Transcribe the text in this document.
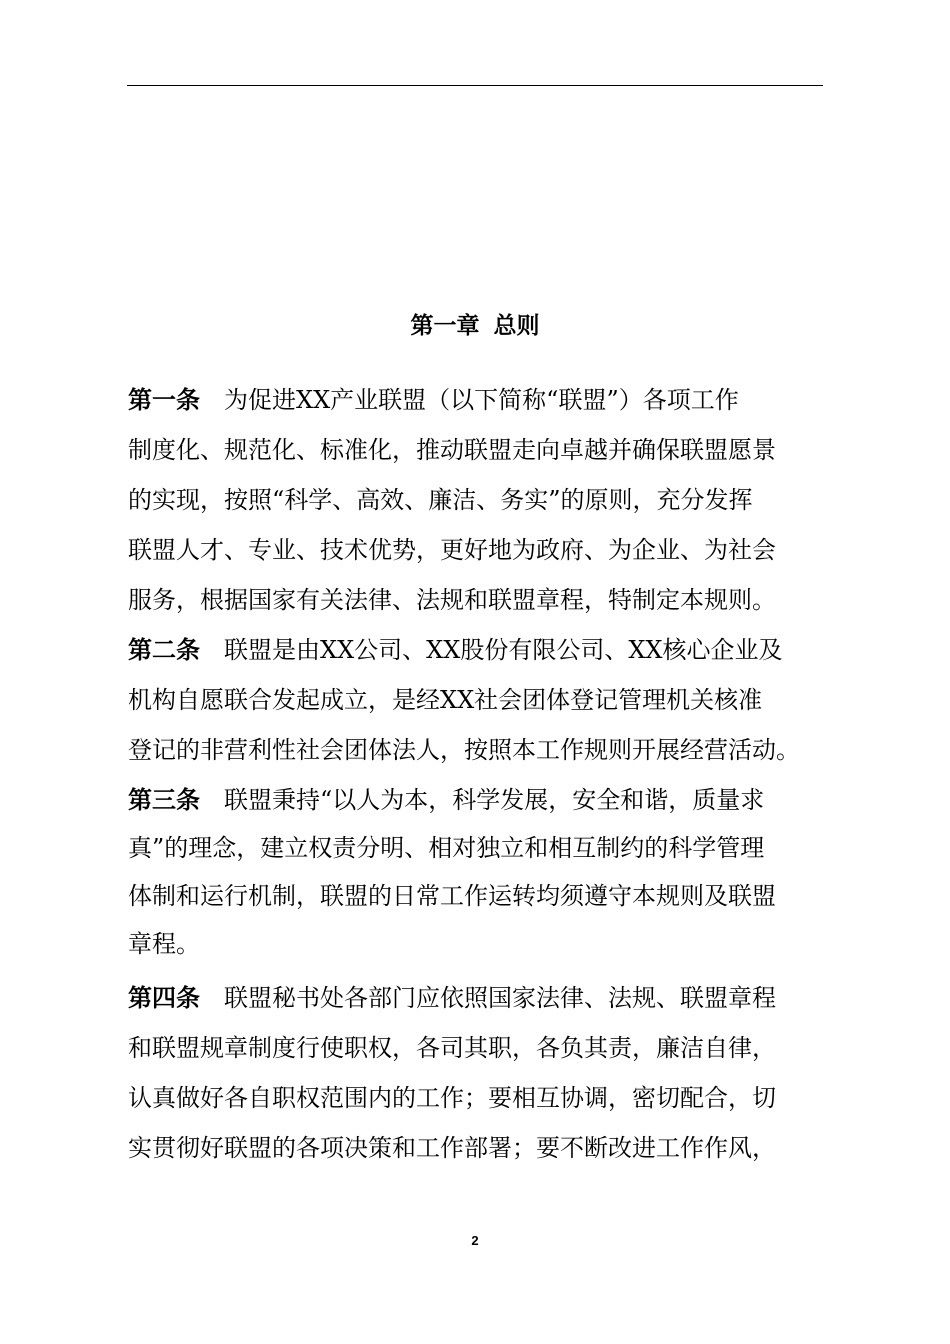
第一章 总则
第一条 为促进XX产业联盟（以下简称“联盟”）各项工作
制度化、规范化、标准化，推动联盟走向卓越并确保联盟愿景
的实现，按照“科学、高效、廉洁、务实”的原则，充分发挥
联盟人才、专业、技术优势，更好地为政府、为企业、为社会
服务，根据国家有关法律、法规和联盟章程，特制定本规则。
第二条 联盟是由XX公司、XX股份有限公司、XX核心企业及
机构自愿联合发起成立，是经XX社会团体登记管理机关核准
登记的非营利性社会团体法人，按照本工作规则开展经营活动。
第三条 联盟秉持“以人为本，科学发展，安全和谐，质量求
真”的理念，建立权责分明、相对独立和相互制约的科学管理
体制和运行机制，联盟的日常工作运转均须遵守本规则及联盟
章程。
第四条 联盟秘书处各部门应依照国家法律、法规、联盟章程
和联盟规章制度行使职权，各司其职，各负其责，廉洁自律，
认真做好各自职权范围内的工作；要相互协调，密切配合，切
实贯彻好联盟的各项决策和工作部署；要不断改进工作作风，
2
